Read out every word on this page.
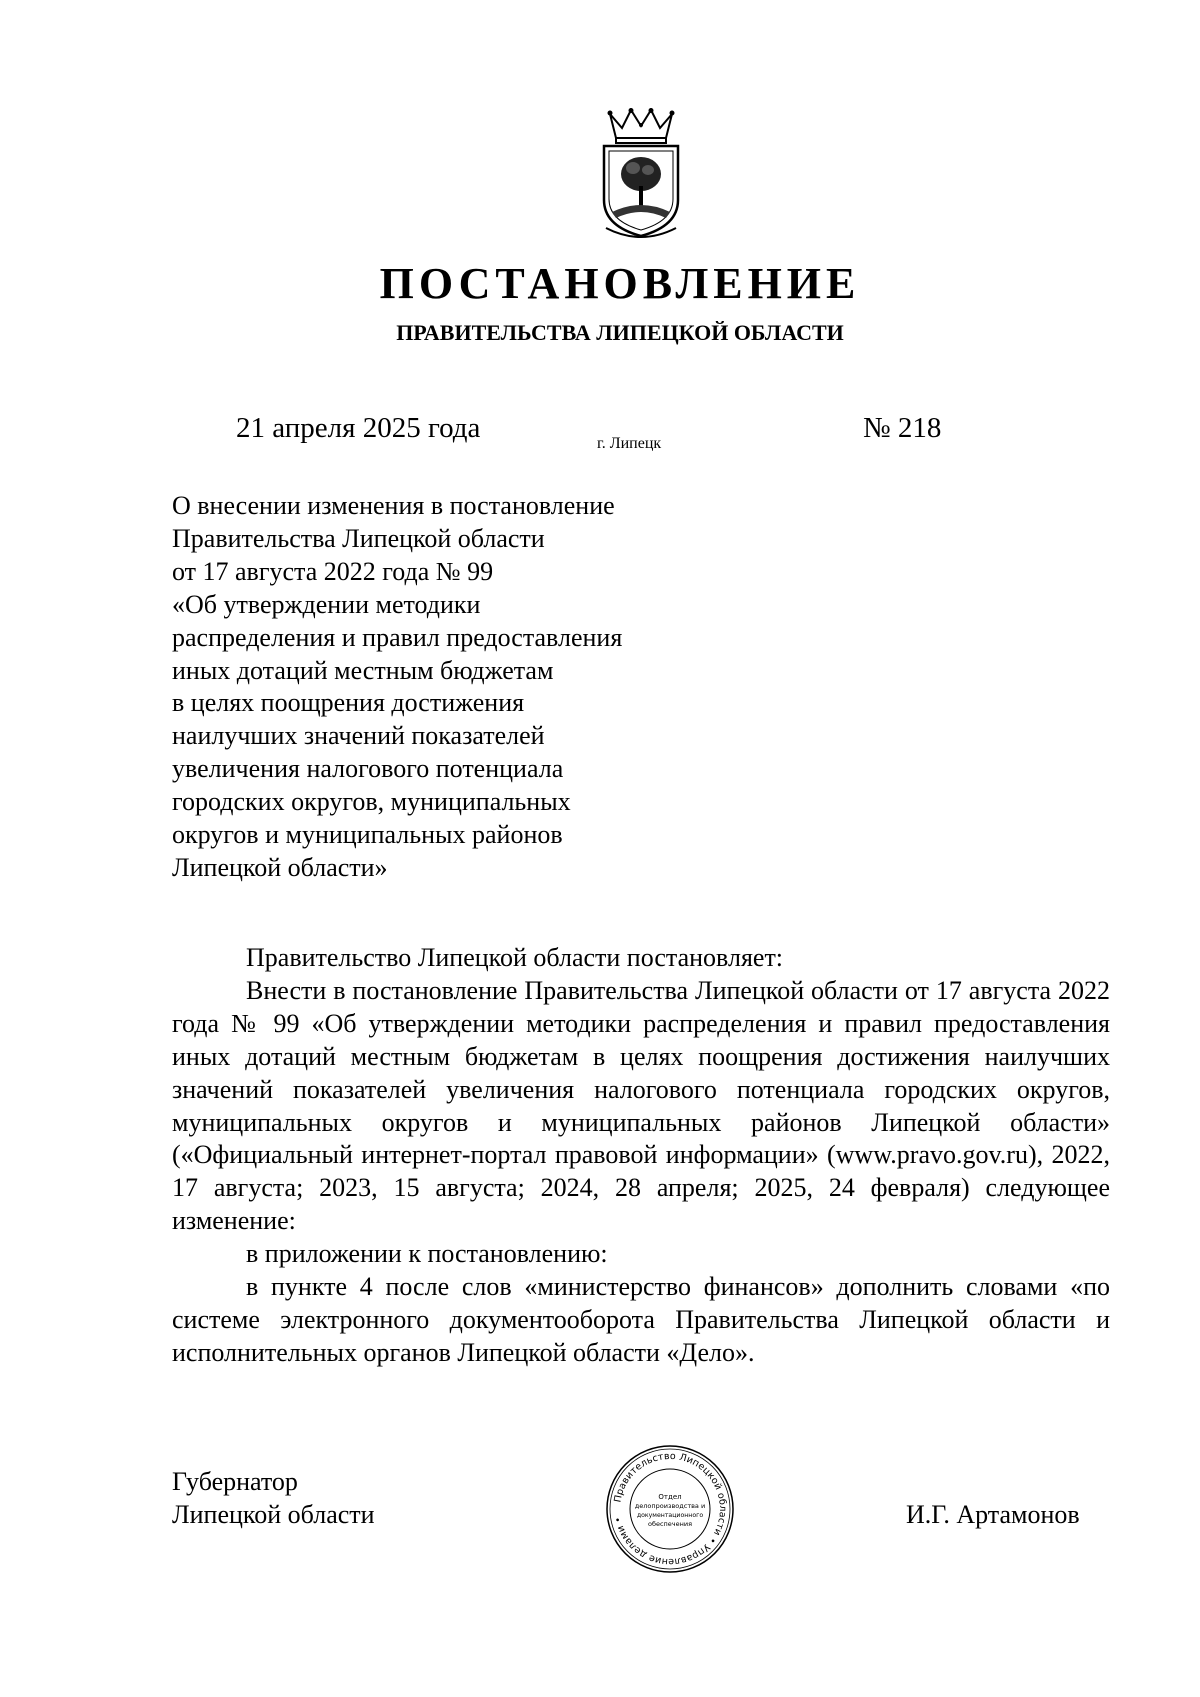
ПОСТАНОВЛЕНИЕ
ПРАВИТЕЛЬСТВА ЛИПЕЦКОЙ ОБЛАСТИ
21 апреля 2025 года	г. Липецк	№ 218
О внесении изменения в постановление
Правительства Липецкой области
от 17 августа 2022 года № 99
«Об утверждении методики
распределения и правил предоставления
иных дотаций местным бюджетам
в целях поощрения достижения
наилучших значений показателей
увеличения налогового потенциала
городских округов, муниципальных
округов и муниципальных районов
Липецкой области»

Правительство Липецкой области постановляет:

Внести в постановление Правительства Липецкой области от 17 августа 2022 года № 99 «Об утверждении методики распределения и правил предоставления иных дотаций местным бюджетам в целях поощрения достижения наилучших значений показателей увеличения налогового потенциала городских округов, муниципальных округов и муниципальных районов Липецкой области» («Официальный интернет-портал правовой информации» (www.pravo.gov.ru), 2022, 17 августа; 2023, 15 августа; 2024, 28 апреля; 2025, 24 февраля) следующее изменение:

в приложении к постановлению:

в пункте 4 после слов «министерство финансов» дополнить словами «по системе электронного документооборота Правительства Липецкой области и исполнительных органов Липецкой области «Дело».

Губернатор
Липецкой области
Правительство Липецкой области • Управление делами •
Отдел
делопроизводства и
документационного
обеспечения	И.Г. Артамонов
